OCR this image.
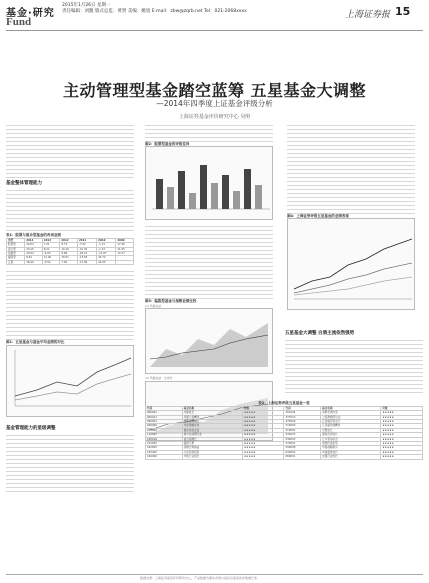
基金·研究
Fund
2015年1月26日 星期一
责任编辑：刘馥 版式总监：黄贤 美编：姚旭 E-mail：zbw@zqrb.net Tel：021-2068xxxx	上海证券报 15
主动管理型基金踏空蓝筹 五星基金大调整
—2014年四季度上证基金评级分析
上海证券基金评价研究中心 吴明
基金整体管理能力
表1：股票与混合型基金的各项业绩
类型	2014	2013	2012	2011	2010	2009
股票型	20.64	7.21	8.73	-7.02	-1.11	17.26
混合型	23.45	8.21	10.16	-10.32	-1.13	21.05
指数型	29.94	-6.03	8.68	-20.15	-11.87	72.27
偏股型	8.63	12.00	18.51	-13.55	43.72	-
五星	18.49	-0.54	7.90	-17.99	42.65	-
图1：五星基金与基金平均业绩的对比
基金管理能力的星级调整
图2：股票型基金的评级差异
图3：偏股型基金与指数业绩比较
(1) 风格收益
(2) 风格收益：全市场
图4：上海证券评级五星基金的业绩表现
五星基金大调整 白酒主流依然强势
表2：上海证券评级五星基金一览
代码	基金名称	评级	代码	基金名称	评级
000001	华夏成长	★★★★★	260104	景顺长城内需	★★★★★
000011	华夏大盘精选	★★★★★	377010	上投摩根阿尔法	★★★★★
020001	国泰金鹰增长	★★★★★	470009	汇添富民营活力	★★★★★
040008	华安策略优选	★★★★★	519069	汇添富价值精选	★★★★★
070099	嘉实优质企业	★★★★★	519692	交银成长	★★★★★
110022	易方达消费行业	★★★★★	530003	建信优选成长	★★★★★
160106	南方高增长	★★★★★	540003	汇丰晋信动态	★★★★★
161005	富国天惠	★★★★★	570001	诺德价值优势	★★★★★
162605	景顺长城鼎益	★★★★★	590008	中邮战略新兴	★★★★★
163402	兴全趋势投资	★★★★★	630002	华商盛世成长	★★★★★
166006	中欧行业成长	★★★★★	660001	农银行业成长	★★★★★
数据来源：上海证券基金评价研究中心，产品数据为期末净值与复权后基金的净值增长率。
